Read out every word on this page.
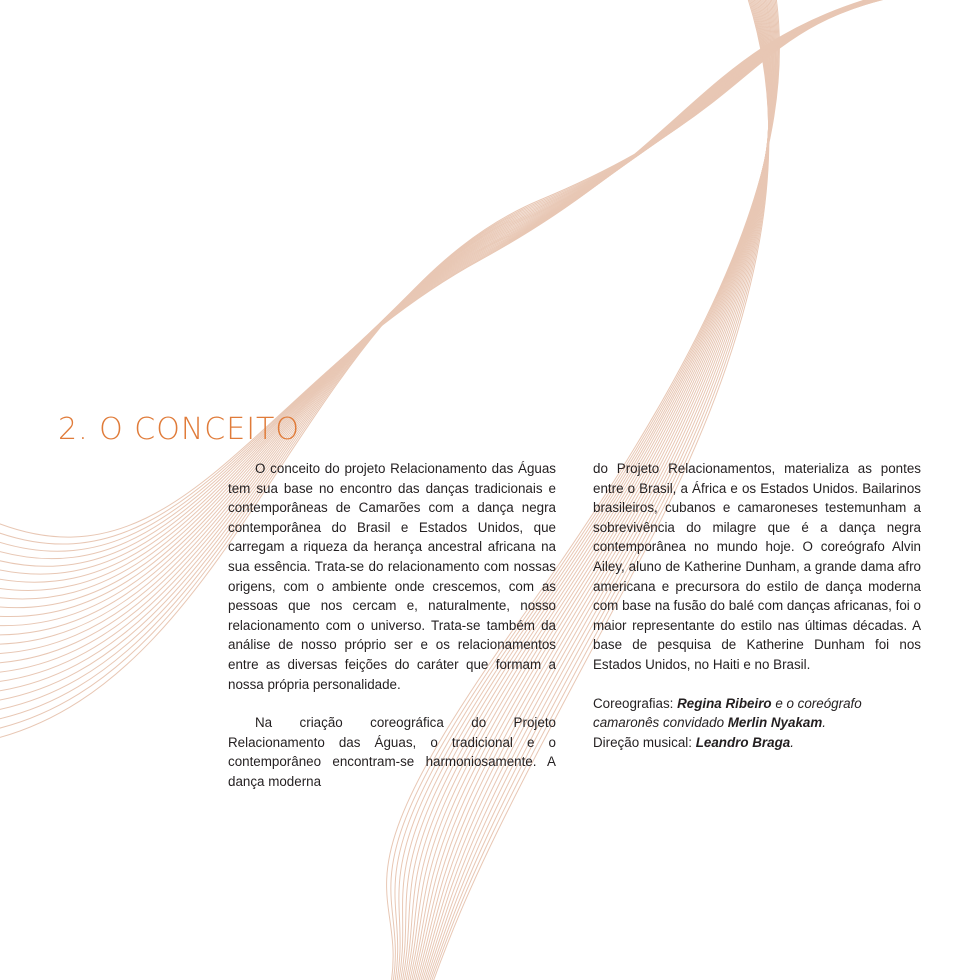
2. O CONCEITO

O conceito do projeto Relacionamento das Águas tem sua base no encontro das danças tradicionais e contemporâneas de Camarões com a dança negra contemporânea do Brasil e Estados Unidos, que carregam a riqueza da herança ancestral africana na sua essência. Trata-se do relacionamento com nossas origens, com o ambiente onde crescemos, com as pessoas que nos cercam e, naturalmente, nosso relacionamento com o universo. Trata-se também da análise de nosso próprio ser e os relacionamentos entre as diversas feições do caráter que formam a nossa própria personalidade.

Na criação coreográfica do Projeto Relacionamento das Águas, o tradicional e o contemporâneo encontram-se harmoniosamente. A dança moderna

do Projeto Relacionamentos, materializa as pontes entre o Brasil, a África e os Estados Unidos. Bailarinos brasileiros, cubanos e camaroneses testemunham a sobrevivência do milagre que é a dança negra contemporânea no mundo hoje. O coreógrafo Alvin Ailey, aluno de Katherine Dunham, a grande dama afro americana e precursora do estilo de dança moderna com base na fusão do balé com danças africanas, foi o maior representante do estilo nas últimas décadas. A base de pesquisa de Katherine Dunham foi nos Estados Unidos, no Haiti e no Brasil.

Coreografias: Regina Ribeiro e o coreógrafo camaronês convidado Merlin Nyakam.
Direção musical: Leandro Braga.
